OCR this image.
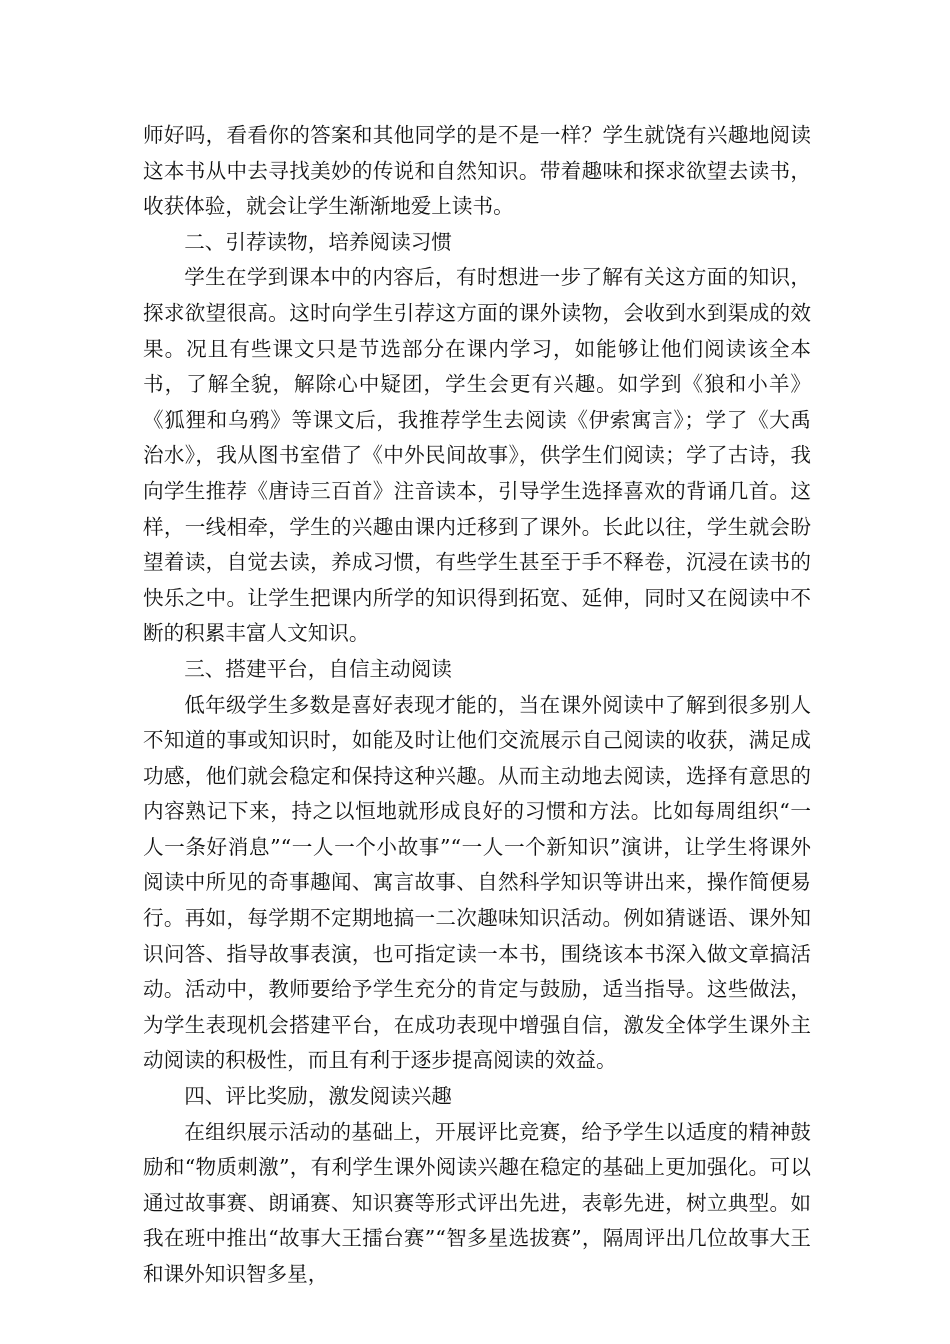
师好吗，看看你的答案和其他同学的是不是一样？学生就饶有兴趣地阅读这本书从中去寻找美妙的传说和自然知识。带着趣味和探求欲望去读书，收获体验，就会让学生渐渐地爱上读书。

二、引荐读物，培养阅读习惯

学生在学到课本中的内容后，有时想进一步了解有关这方面的知识，探求欲望很高。这时向学生引荐这方面的课外读物，会收到水到渠成的效果。况且有些课文只是节选部分在课内学习，如能够让他们阅读该全本书，了解全貌，解除心中疑团，学生会更有兴趣。如学到《狼和小羊》《狐狸和乌鸦》等课文后，我推荐学生去阅读《伊索寓言》；学了《大禹治水》，我从图书室借了《中外民间故事》，供学生们阅读；学了古诗，我向学生推荐《唐诗三百首》注音读本，引导学生选择喜欢的背诵几首。这样，一线相牵，学生的兴趣由课内迁移到了课外。长此以往，学生就会盼望着读，自觉去读，养成习惯，有些学生甚至于手不释卷，沉浸在读书的快乐之中。让学生把课内所学的知识得到拓宽、延伸，同时又在阅读中不断的积累丰富人文知识。

三、搭建平台，自信主动阅读

低年级学生多数是喜好表现才能的，当在课外阅读中了解到很多别人不知道的事或知识时，如能及时让他们交流展示自己阅读的收获，满足成功感，他们就会稳定和保持这种兴趣。从而主动地去阅读，选择有意思的内容熟记下来，持之以恒地就形成良好的习惯和方法。比如每周组织“一人一条好消息”“一人一个小故事”“一人一个新知识”演讲，让学生将课外阅读中所见的奇事趣闻、寓言故事、自然科学知识等讲出来，操作简便易行。再如，每学期不定期地搞一二次趣味知识活动。例如猜谜语、课外知识问答、指导故事表演，也可指定读一本书，围绕该本书深入做文章搞活动。活动中，教师要给予学生充分的肯定与鼓励，适当指导。这些做法，为学生表现机会搭建平台，在成功表现中增强自信，激发全体学生课外主动阅读的积极性，而且有利于逐步提高阅读的效益。

四、评比奖励，激发阅读兴趣

在组织展示活动的基础上，开展评比竞赛，给予学生以适度的精神鼓励和“物质刺激”，有利学生课外阅读兴趣在稳定的基础上更加强化。可以通过故事赛、朗诵赛、知识赛等形式评出先进，表彰先进，树立典型。如我在班中推出“故事大王擂台赛”“智多星选拔赛”，隔周评出几位故事大王和课外知识智多星，
